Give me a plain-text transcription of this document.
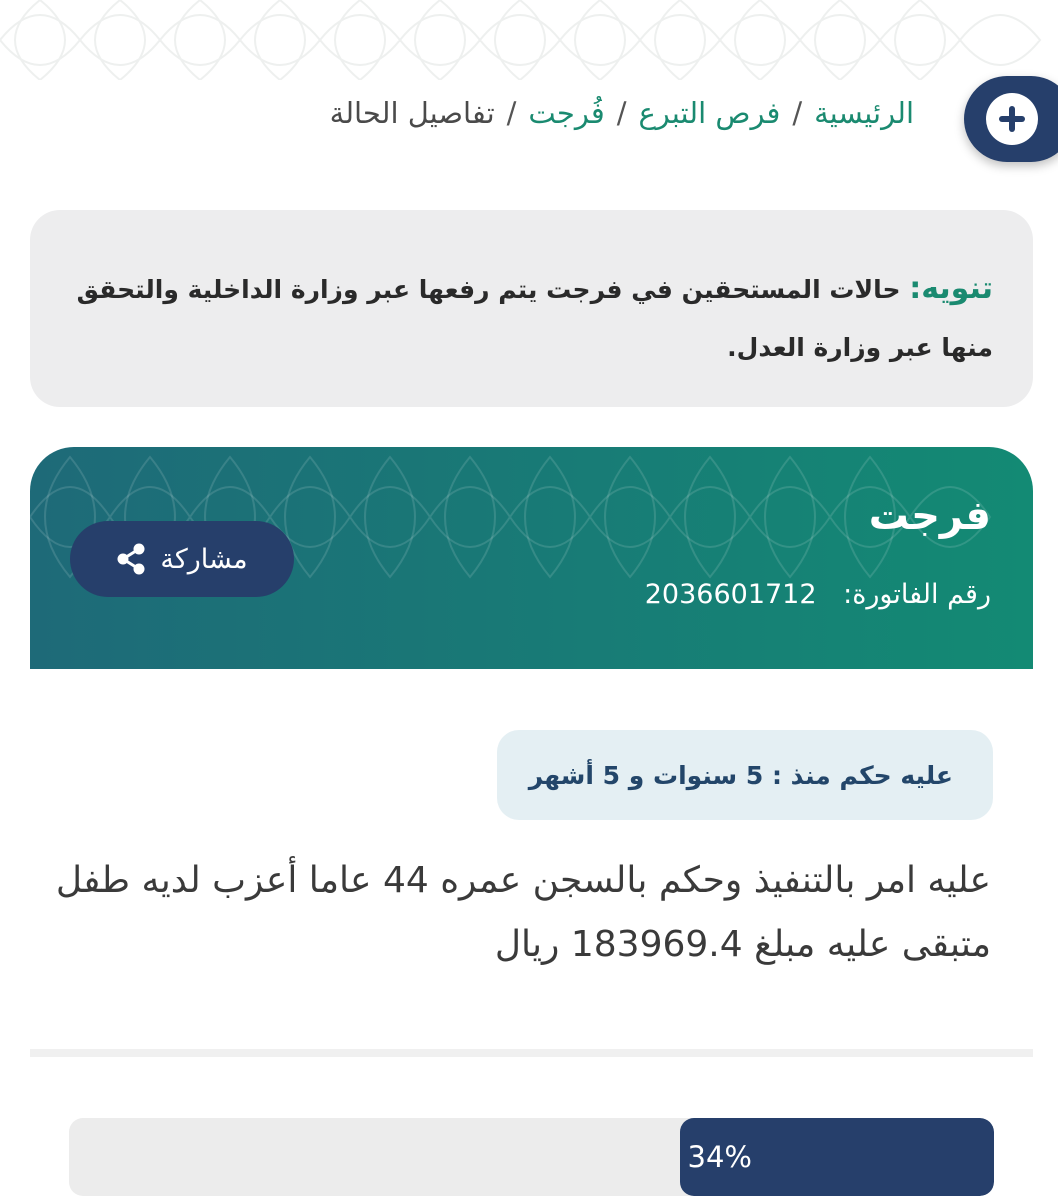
الرئيسية
/
فرص التبرع
/
فُرجت
/
تفاصيل الحالة

تنويه: حالات المستحقين في فرجت يتم رفعها عبر وزارة الداخلية والتحقق منها عبر وزارة العدل.

فرجت
رقم الفاتورة: 2036601712
مشاركة
عليه حكم منذ : 5 سنوات و 5 أشهر
عليه امر بالتنفيذ وحكم بالسجن عمره 44 عاما أعزب لديه طفل متبقى عليه مبلغ 183969.4 ريال
34%
